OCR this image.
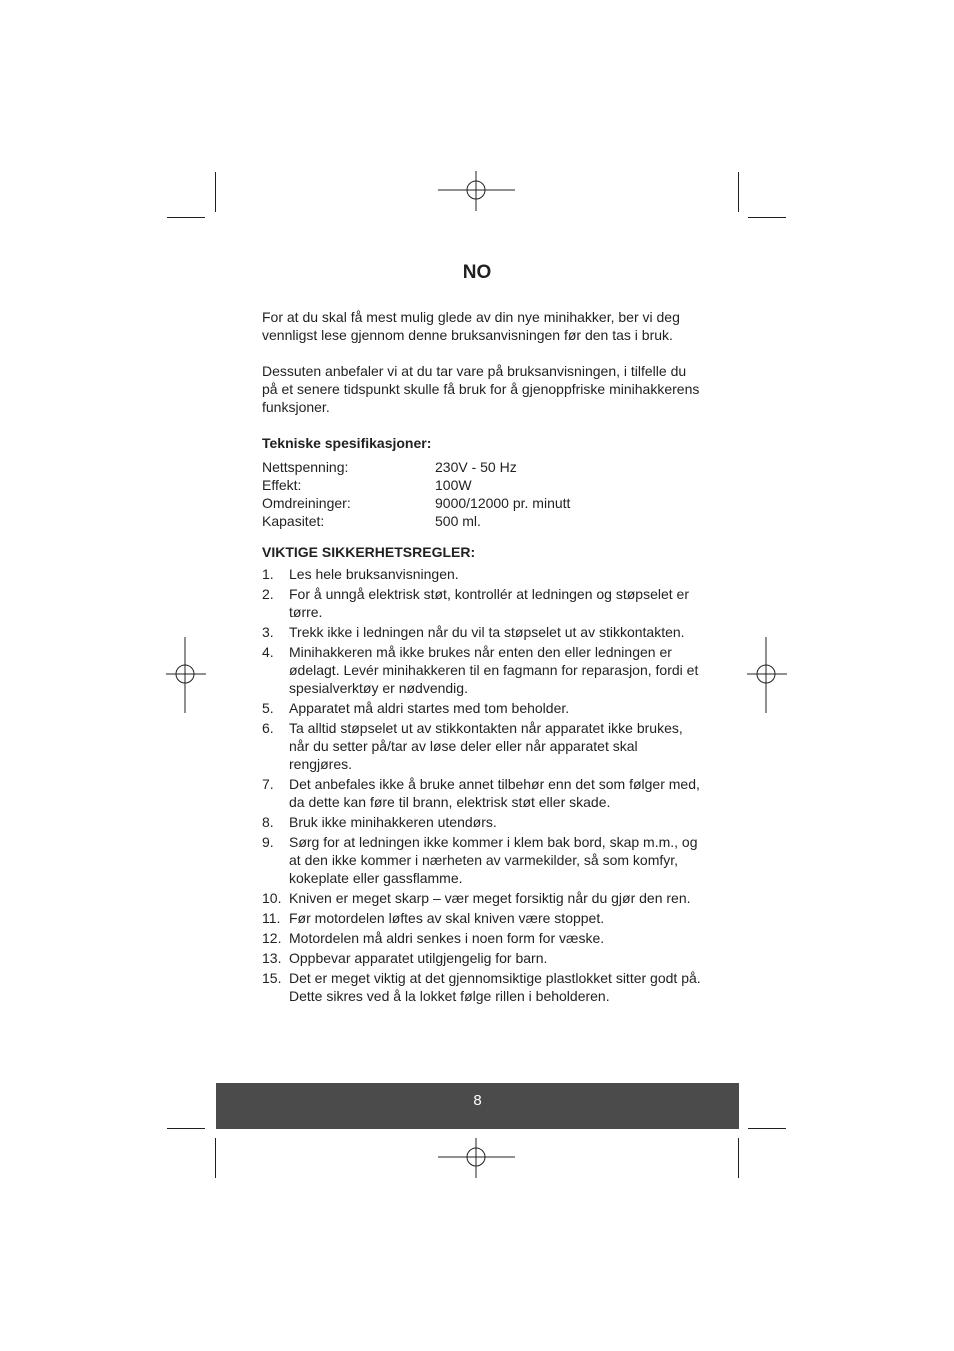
NO

For at du skal få mest mulig glede av din nye minihakker, ber vi deg vennligst lese gjennom denne bruksanvisningen før den tas i bruk.

Dessuten anbefaler vi at du tar vare på bruksanvisningen, i tilfelle du på et senere tidspunkt skulle få bruk for å gjenoppfriske minihakkerens funksjoner.

Tekniske spesifikasjoner:

Nettspenning:	230V - 50 Hz
Effekt:	100W
Omdreininger:	9000/12000 pr. minutt
Kapasitet:	500 ml.

VIKTIGE SIKKERHETSREGLER:

1.	Les hele bruksanvisningen.
2.	For å unngå elektrisk støt, kontrollér at ledningen og støpselet er tørre.
3.	Trekk ikke i ledningen når du vil ta støpselet ut av stikkontakten.
4.	Minihakkeren må ikke brukes når enten den eller ledningen er ødelagt. Levér minihakkeren til en fagmann for reparasjon, fordi et spesialverktøy er nødvendig.
5.	Apparatet må aldri startes med tom beholder.
6.	Ta alltid støpselet ut av stikkontakten når apparatet ikke brukes, når du setter på/tar av løse deler eller når apparatet skal rengjøres.
7.	Det anbefales ikke å bruke annet tilbehør enn det som følger med, da dette kan føre til brann, elektrisk støt eller skade.
8.	Bruk ikke minihakkeren utendørs.
9.	Sørg for at ledningen ikke kommer i klem bak bord, skap m.m., og at den ikke kommer i nærheten av varmekilder, så som komfyr, kokeplate eller gassflamme.
10. Kniven er meget skarp – vær meget forsiktig når du gjør den ren.
11. Før motordelen løftes av skal kniven være stoppet.
12. Motordelen må aldri senkes i noen form for væske.
13. Oppbevar apparatet utilgjengelig for barn.
15. Det er meget viktig at det gjennomsiktige plastlokket sitter godt på. Dette sikres ved å la lokket følge rillen i beholderen.
8
